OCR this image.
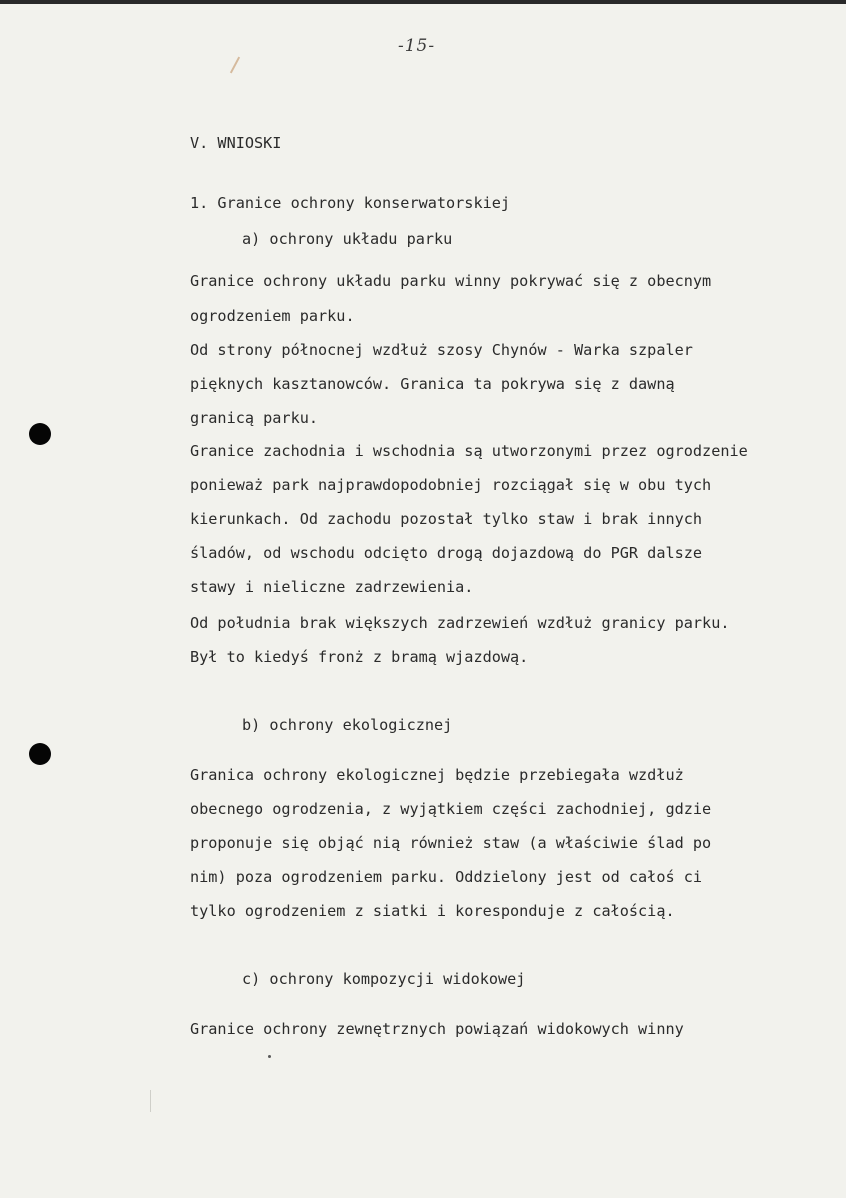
-15-

V. WNIOSKI

1. Granice ochrony konserwatorskiej

a) ochrony układu parku

Granice ochrony układu parku winny pokrywać się z obecnym

ogrodzeniem parku.

Od strony północnej wzdłuż szosy Chynów - Warka szpaler

pięknych kasztanowców. Granica ta pokrywa się z dawną

granicą parku.

Granice zachodnia i wschodnia są utworzonymi przez ogrodzenie

ponieważ park najprawdopodobniej rozciągał się w obu tych

kierunkach. Od zachodu pozostał tylko staw i brak innych

śladów, od wschodu odcięto drogą dojazdową do PGR dalsze

stawy i nieliczne zadrzewienia.

Od południa brak większych zadrzewień wzdłuż granicy parku.

Był to kiedyś fronż z bramą wjazdową.

b) ochrony ekologicznej

Granica ochrony ekologicznej będzie przebiegała wzdłuż

obecnego ogrodzenia, z wyjątkiem części zachodniej, gdzie

proponuje się objąć nią również staw (a właściwie ślad po

nim) poza ogrodzeniem parku. Oddzielony jest od całoś ci

tylko ogrodzeniem z siatki i koresponduje z całością.

c) ochrony kompozycji widokowej

Granice ochrony zewnętrznych powiązań widokowych winny
